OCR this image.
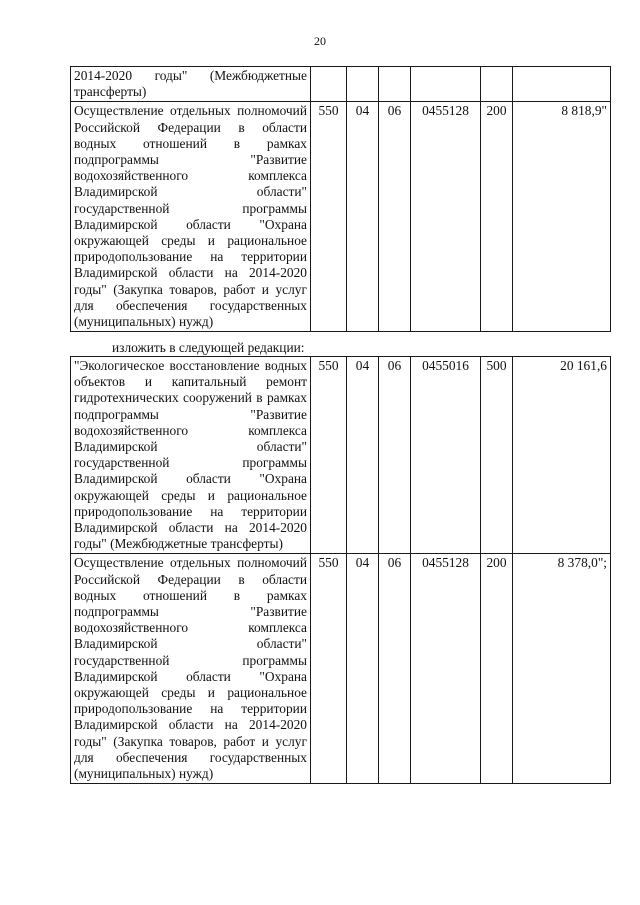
20
2014-2020 годы" (Межбюджетные трансферты)						
Осуществление отдельных полномочий Российской Федерации в области водных отношений в рамках подпрограммы "Развитие водохозяйственного комплекса Владимирской области" государственной программы Владимирской области "Охрана окружающей среды и рациональное природопользование на территории Владимирской области на 2014-2020 годы" (Закупка товаров, работ и услуг для обеспечения государственных (муниципальных) нужд)	550	04	06	0455128	200	8 818,9"
изложить в следующей редакции:
"Экологическое восстановление водных объектов и капитальный ремонт гидротехнических сооружений в рамках подпрограммы "Развитие водохозяйственного комплекса Владимирской области" государственной программы Владимирской области "Охрана окружающей среды и рациональное природопользование на территории Владимирской области на 2014-2020 годы" (Межбюджетные трансферты)	550	04	06	0455016	500	20 161,6
Осуществление отдельных полномочий Российской Федерации в области водных отношений в рамках подпрограммы "Развитие водохозяйственного комплекса Владимирской области" государственной программы Владимирской области "Охрана окружающей среды и рациональное природопользование на территории Владимирской области на 2014-2020 годы" (Закупка товаров, работ и услуг для обеспечения государственных (муниципальных) нужд)	550	04	06	0455128	200	8 378,0";
